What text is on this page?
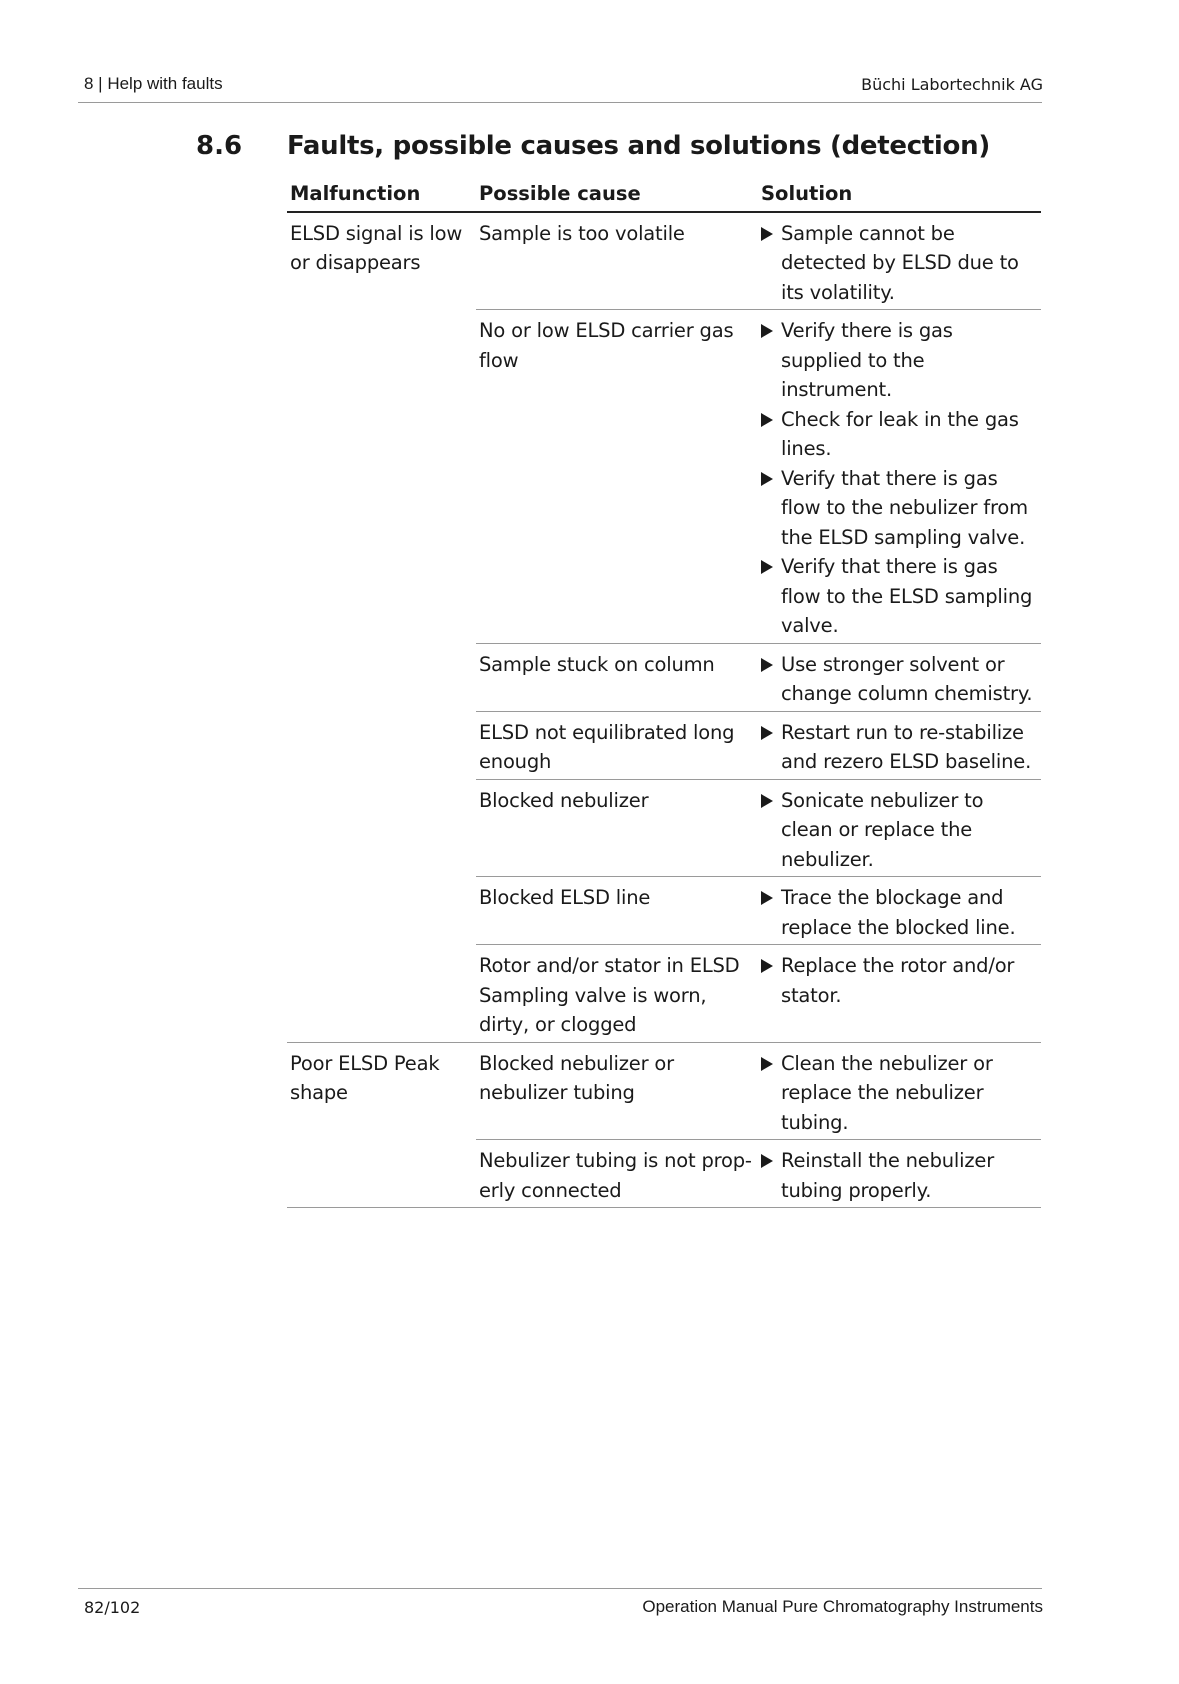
8 | Help with faults	Büchi Labortechnik AG
8.6 Faults, possible causes and solutions (detection)
Malfunction	Possible cause	Solution
ELSD signal is low or disappears	Sample is too volatile	Sample cannot be detected by ELSD due to its volatility.

	No or low ELSD carrier gas flow	Verify there is gas supplied to the instrument.
Check for leak in the gas lines.
Verify that there is gas flow to the nebulizer from the ELSD sampling valve.
Verify that there is gas flow to the ELSD sampling valve.

	Sample stuck on column	Use stronger solvent or change column chemistry.

	ELSD not equilibrated long enough	Restart run to re-stabilize and rezero ELSD baseline.

	Blocked nebulizer	Sonicate nebulizer to clean or replace the nebulizer.

	Blocked ELSD line	Trace the blockage and replace the blocked line.

	Rotor and/or stator in ELSD Sampling valve is worn, dirty, or clogged	Replace the rotor and/or stator.

Poor ELSD Peak shape	Blocked nebulizer or nebulizer tubing	Clean the nebulizer or replace the nebulizer tubing.

	Nebulizer tubing is not prop-erly connected	Reinstall the nebulizer tubing properly.
82/102	Operation Manual Pure Chromatography Instruments
